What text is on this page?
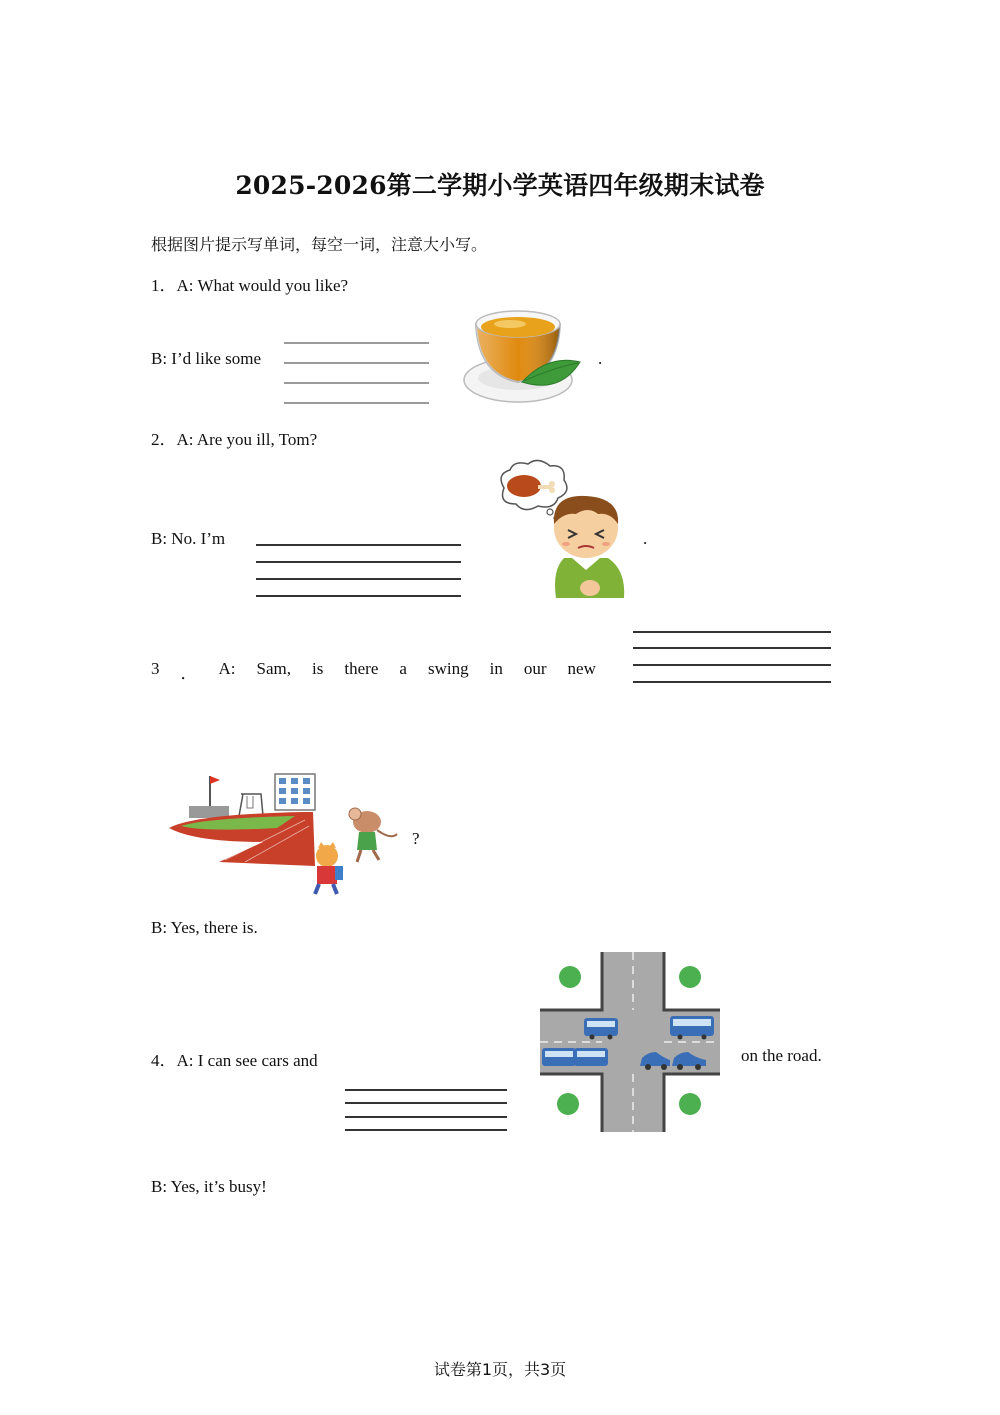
2025-2026第二学期小学英语四年级期末试卷
根据图片提示写单词，每空一词，注意大小写。
1．A: What would you like?
B: I’d like some	.
2．A: Are you ill, Tom?
B: No. I’m	.
3 ． A: Sam, is there a swing in our new
?
B: Yes, there is.
4．A: I can see cars and	on the road.
B: Yes, it’s busy!
试卷第1页，共3页
